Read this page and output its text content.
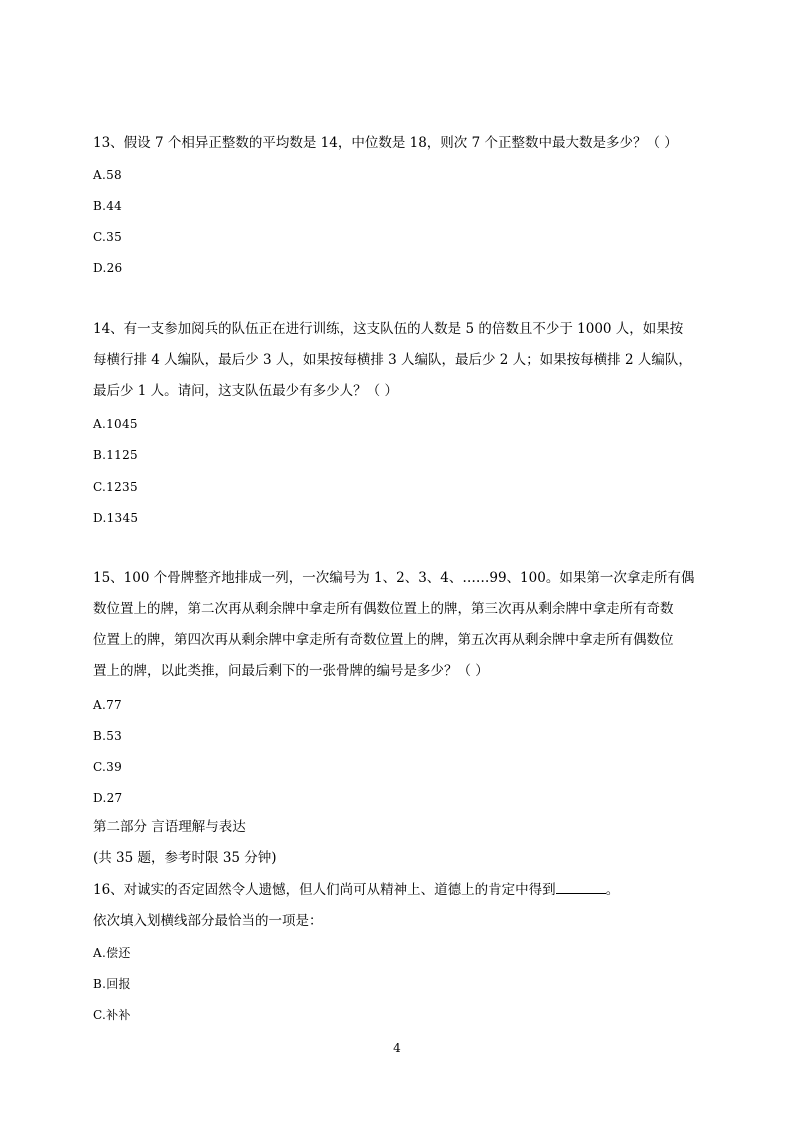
13、假设 7 个相异正整数的平均数是 14，中位数是 18，则次 7 个正整数中最大数是多少？（ ）
A.58
B.44
C.35
D.26
14、有一支参加阅兵的队伍正在进行训练，这支队伍的人数是 5 的倍数且不少于 1000 人，如果按
每横行排 4 人编队，最后少 3 人，如果按每横排 3 人编队，最后少 2 人；如果按每横排 2 人编队，
最后少 1 人。请问，这支队伍最少有多少人？（ ）
A.1045
B.1125
C.1235
D.1345
15、100 个骨牌整齐地排成一列，一次编号为 1、2、3、4、……99、100。如果第一次拿走所有偶
数位置上的牌，第二次再从剩余牌中拿走所有偶数位置上的牌，第三次再从剩余牌中拿走所有奇数
位置上的牌，第四次再从剩余牌中拿走所有奇数位置上的牌，第五次再从剩余牌中拿走所有偶数位
置上的牌，以此类推，问最后剩下的一张骨牌的编号是多少？（ ）
A.77
B.53
C.39
D.27
第二部分 言语理解与表达
(共 35 题，参考时限 35 分钟)
16、对诚实的否定固然令人遗憾，但人们尚可从精神上、道德上的肯定中得到	。
依次填入划横线部分最恰当的一项是：
A.偿还
B.回报
C.补补
4
